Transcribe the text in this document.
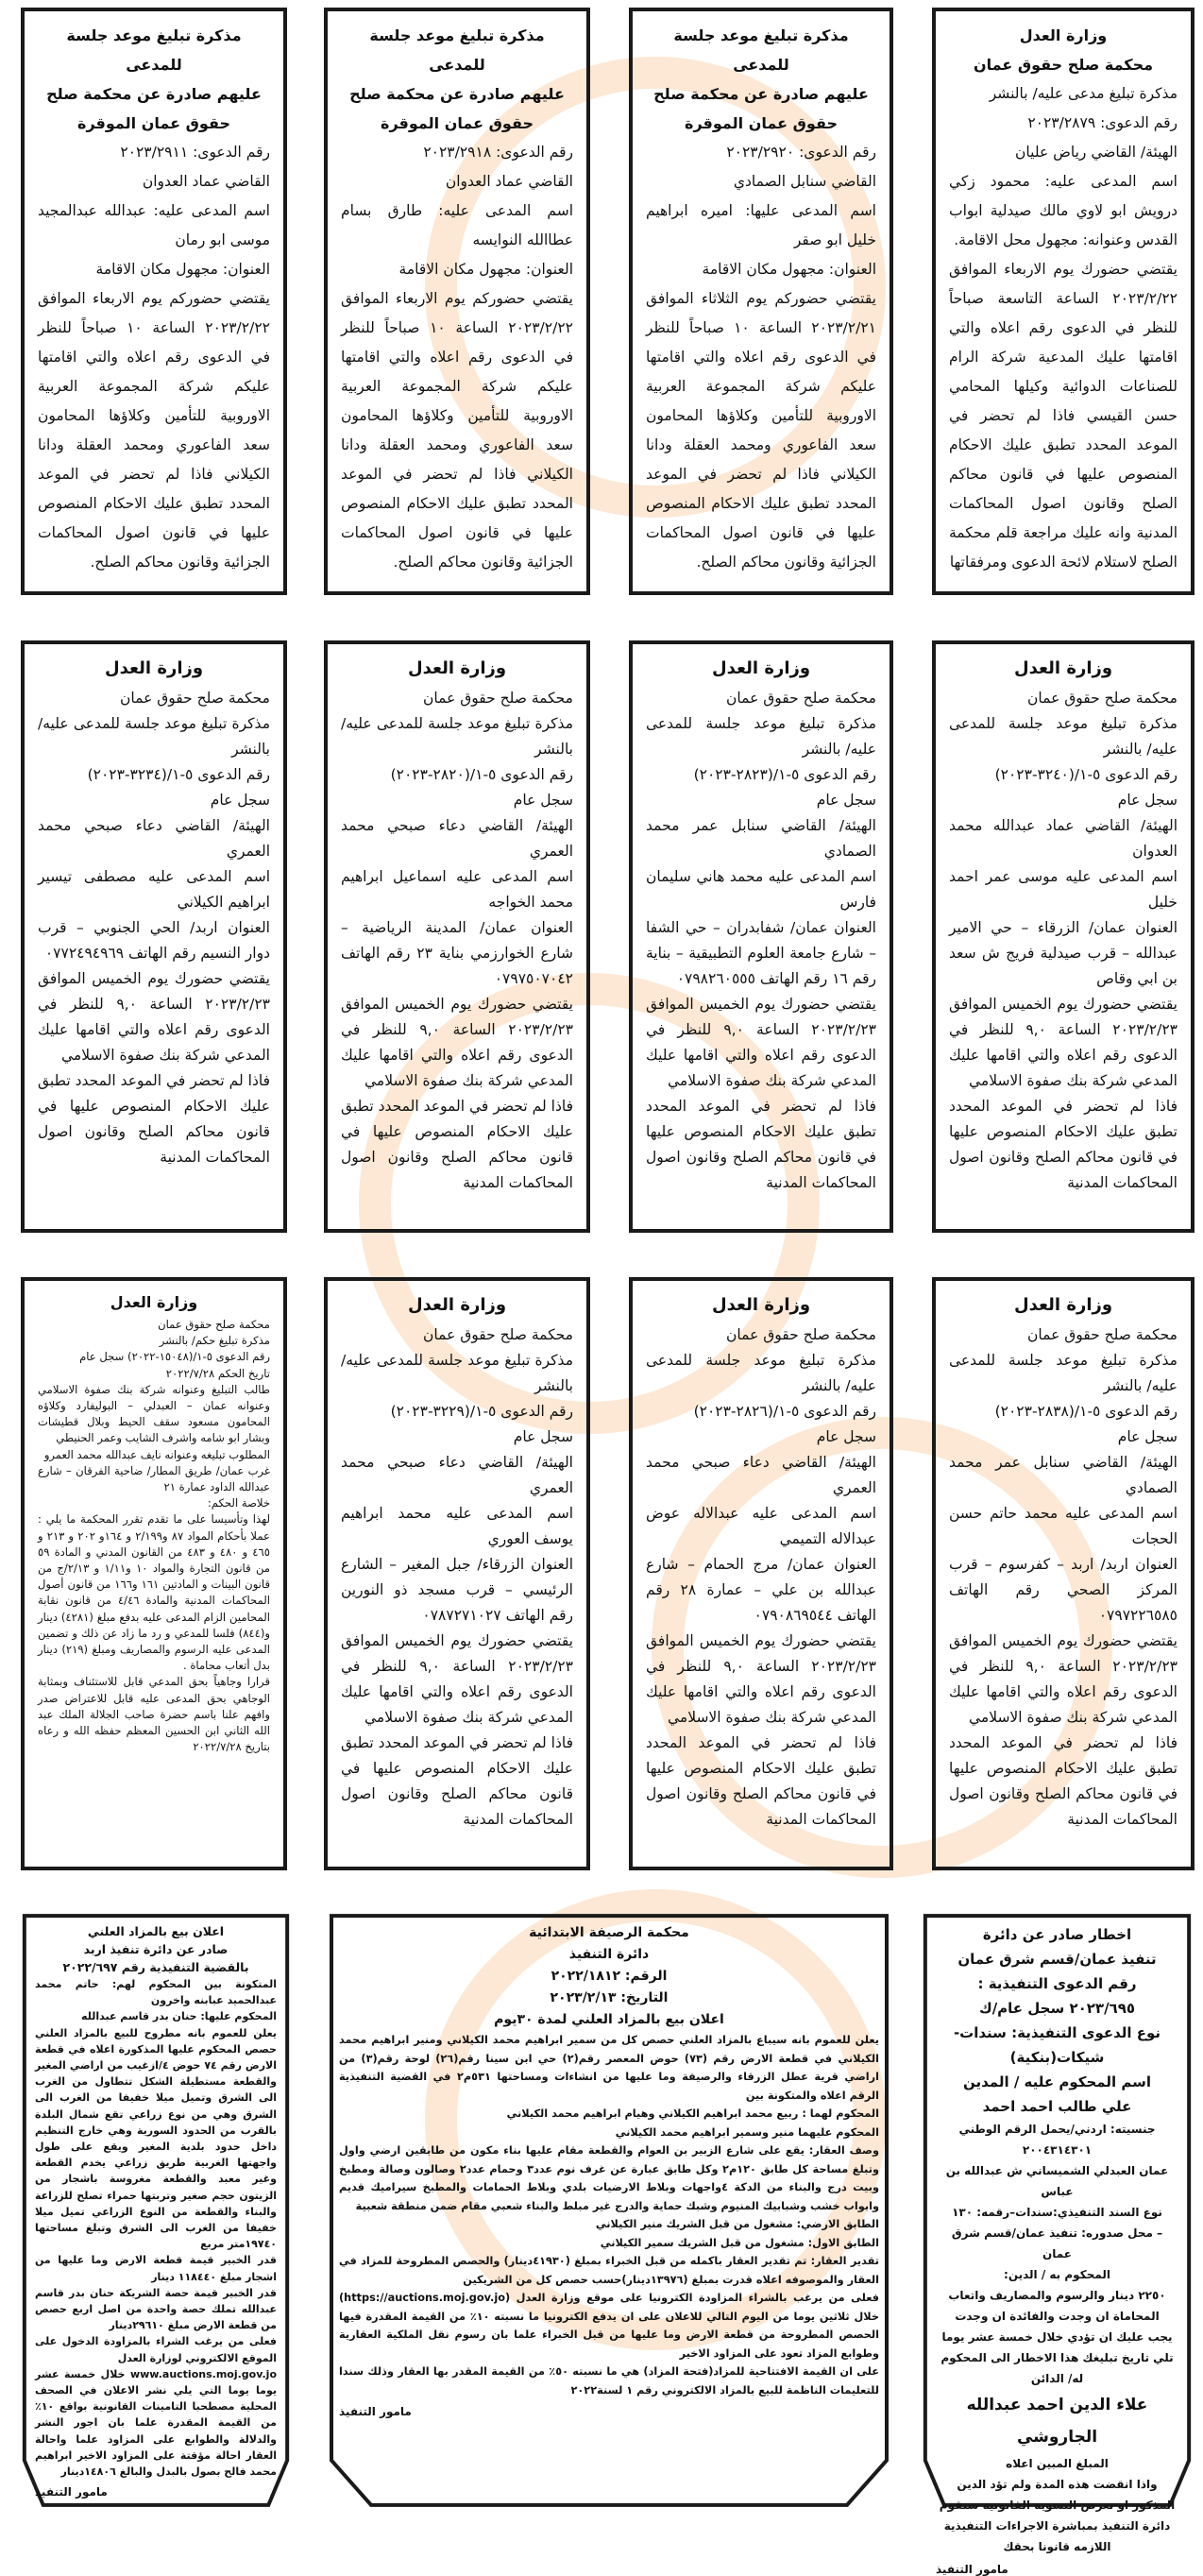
وزارة العدل
محكمة صلح حقوق عمان
مذكرة تبليغ مدعى عليه/ بالنشر
رقم الدعوى: ٢٠٢٣/٢٨٧٩
الهيئة/ القاضي رياض عليان
اسم المدعى عليه: محمود زكي درويش ابو لاوي مالك صيدلية ابواب القدس وعنوانه: مجهول محل الاقامة.
يقتضي حضورك يوم الاربعاء الموافق ٢٠٢٣/٢/٢٢ الساعة التاسعة صباحاً للنظر في الدعوى رقم اعلاه والتي اقامتها عليك المدعية شركة الرام للصناعات الدوائية وكيلها المحامي حسن القيسي فاذا لم تحضر في الموعد المحدد تطبق عليك الاحكام المنصوص عليها في قانون محاكم الصلح وقانون اصول المحاكمات المدنية وانه عليك مراجعة قلم محكمة الصلح لاستلام لائحة الدعوى ومرفقاتها
مذكرة تبليغ موعد جلسة للمدعى
عليهم صادرة عن محكمة صلح
حقوق عمان الموقرة
رقم الدعوى: ٢٠٢٣/٢٩٢٠
القاضي سنابل الصمادي
اسم المدعى عليها: اميره ابراهيم خليل ابو صقر
العنوان: مجهول مكان الاقامة
يقتضي حضوركم يوم الثلاثاء الموافق ٢٠٢٣/٢/٢١ الساعة ١٠ صباحاً للنظر في الدعوى رقم اعلاه والتي اقامتها عليكم شركة المجموعة العربية الاوروبية للتأمين وكلاؤها المحامون سعد الفاعوري ومحمد العقلة ودانا الكيلاني فاذا لم تحضر في الموعد المحدد تطبق عليك الاحكام المنصوص عليها في قانون اصول المحاكمات الجزائية وقانون محاكم الصلح.
مذكرة تبليغ موعد جلسة للمدعى
عليهم صادرة عن محكمة صلح
حقوق عمان الموقرة
رقم الدعوى: ٢٠٢٣/٢٩١٨
القاضي عماد العدوان
اسم المدعى عليه: طارق بسام عطاالله النوايسه
العنوان: مجهول مكان الاقامة
يقتضي حضوركم يوم الاربعاء الموافق ٢٠٢٣/٢/٢٢ الساعة ١٠ صباحاً للنظر في الدعوى رقم اعلاه والتي اقامتها عليكم شركة المجموعة العربية الاوروبية للتأمين وكلاؤها المحامون سعد الفاعوري ومحمد العقلة ودانا الكيلاني فاذا لم تحضر في الموعد المحدد تطبق عليك الاحكام المنصوص عليها في قانون اصول المحاكمات الجزائية وقانون محاكم الصلح.
مذكرة تبليغ موعد جلسة للمدعى
عليهم صادرة عن محكمة صلح
حقوق عمان الموقرة
رقم الدعوى: ٢٠٢٣/٢٩١١
القاضي عماد العدوان
اسم المدعى عليه: عبدالله عبدالمجيد موسى ابو رمان
العنوان: مجهول مكان الاقامة
يقتضي حضوركم يوم الاربعاء الموافق ٢٠٢٣/٢/٢٢ الساعة ١٠ صباحاً للنظر في الدعوى رقم اعلاه والتي اقامتها عليكم شركة المجموعة العربية الاوروبية للتأمين وكلاؤها المحامون سعد الفاعوري ومحمد العقلة ودانا الكيلاني فاذا لم تحضر في الموعد المحدد تطبق عليك الاحكام المنصوص عليها في قانون اصول المحاكمات الجزائية وقانون محاكم الصلح.
وزارة العدل
محكمة صلح حقوق عمان
مذكرة تبليغ موعد جلسة للمدعى عليه/ بالنشر
رقم الدعوى ٥-١/(٣٢٤٠-٢٠٢٣)
سجل عام
الهيئة/ القاضي عماد عبدالله محمد العدوان
اسم المدعى عليه موسى عمر احمد خليل
العنوان عمان/ الزرقاء – حي الامير عبدالله – قرب صيدلية فريج ش سعد بن ابي وقاص
يقتضي حضورك يوم الخميس الموافق ٢٠٢٣/٢/٢٣ الساعة ٩,٠ للنظر في الدعوى رقم اعلاه والتي اقامها عليك المدعي شركة بنك صفوة الاسلامي
فاذا لم تحضر في الموعد المحدد تطبق عليك الاحكام المنصوص عليها في قانون محاكم الصلح وقانون اصول المحاكمات المدنية
وزارة العدل
محكمة صلح حقوق عمان
مذكرة تبليغ موعد جلسة للمدعى عليه/ بالنشر
رقم الدعوى ٥-١/(٢٨٢٣-٢٠٢٣)
سجل عام
الهيئة/ القاضي سنابل عمر محمد الصمادي
اسم المدعى عليه محمد هاني سليمان فارس
العنوان عمان/ شفابدران – حي الشفا – شارع جامعة العلوم التطبيقية – بناية رقم ١٦ رقم الهاتف ٠٧٩٨٢٦٠٥٥٥
يقتضي حضورك يوم الخميس الموافق ٢٠٢٣/٢/٢٣ الساعة ٩,٠ للنظر في الدعوى رقم اعلاه والتي اقامها عليك المدعي شركة بنك صفوة الاسلامي
فاذا لم تحضر في الموعد المحدد تطبق عليك الاحكام المنصوص عليها في قانون محاكم الصلح وقانون اصول المحاكمات المدنية
وزارة العدل
محكمة صلح حقوق عمان
مذكرة تبليغ موعد جلسة للمدعى عليه/ بالنشر
رقم الدعوى ٥-١/(٢٨٢٠-٢٠٢٣)
سجل عام
الهيئة/ القاضي دعاء صبحي محمد العمري
اسم المدعى عليه اسماعيل ابراهيم محمد الخواجه
العنوان عمان/ المدينة الرياضية – شارع الخوارزمي بناية ٢٣ رقم الهاتف ٠٧٩٧٥٠٧٠٤٢
يقتضي حضورك يوم الخميس الموافق ٢٠٢٣/٢/٢٣ الساعة ٩,٠ للنظر في الدعوى رقم اعلاه والتي اقامها عليك المدعي شركة بنك صفوة الاسلامي
فاذا لم تحضر في الموعد المحدد تطبق عليك الاحكام المنصوص عليها في قانون محاكم الصلح وقانون اصول المحاكمات المدنية
وزارة العدل
محكمة صلح حقوق عمان
مذكرة تبليغ موعد جلسة للمدعى عليه/ بالنشر
رقم الدعوى ٥-١/(٣٢٣٤-٢٠٢٣)
سجل عام
الهيئة/ القاضي دعاء صبحي محمد العمري
اسم المدعى عليه مصطفى تيسير ابراهيم الكيلاني
العنوان اربد/ الحي الجنوبي – قرب دوار النسيم رقم الهاتف ٠٧٧٢٤٩٤٩٦٩
يقتضي حضورك يوم الخميس الموافق ٢٠٢٣/٢/٢٣ الساعة ٩,٠ للنظر في الدعوى رقم اعلاه والتي اقامها عليك المدعي شركة بنك صفوة الاسلامي
فاذا لم تحضر في الموعد المحدد تطبق عليك الاحكام المنصوص عليها في قانون محاكم الصلح وقانون اصول المحاكمات المدنية
وزارة العدل
محكمة صلح حقوق عمان
مذكرة تبليغ موعد جلسة للمدعى عليه/ بالنشر
رقم الدعوى ٥-١/(٢٨٣٨-٢٠٢٣)
سجل عام
الهيئة/ القاضي سنابل عمر محمد الصمادي
اسم المدعى عليه محمد حاتم حسن الحجات
العنوان اربد/ اربد – كفرسوم – قرب المركز الصحي رقم الهاتف ٠٧٩٧٢٢٦٥٨٥
يقتضي حضورك يوم الخميس الموافق ٢٠٢٣/٢/٢٣ الساعة ٩,٠ للنظر في الدعوى رقم اعلاه والتي اقامها عليك المدعي شركة بنك صفوة الاسلامي
فاذا لم تحضر في الموعد المحدد تطبق عليك الاحكام المنصوص عليها في قانون محاكم الصلح وقانون اصول المحاكمات المدنية
وزارة العدل
محكمة صلح حقوق عمان
مذكرة تبليغ موعد جلسة للمدعى عليه/ بالنشر
رقم الدعوى ٥-١/(٢٨٢٦-٢٠٢٣)
سجل عام
الهيئة/ القاضي دعاء صبحي محمد العمري
اسم المدعى عليه عبدالاله عوض عبدالاله التميمي
العنوان عمان/ مرج الحمام – شارع عبدالله بن علي – عمارة ٢٨ رقم الهاتف ٠٧٩٠٨٦٩٥٤٤
يقتضي حضورك يوم الخميس الموافق ٢٠٢٣/٢/٢٣ الساعة ٩,٠ للنظر في الدعوى رقم اعلاه والتي اقامها عليك المدعي شركة بنك صفوة الاسلامي
فاذا لم تحضر في الموعد المحدد تطبق عليك الاحكام المنصوص عليها في قانون محاكم الصلح وقانون اصول المحاكمات المدنية
وزارة العدل
محكمة صلح حقوق عمان
مذكرة تبليغ موعد جلسة للمدعى عليه/ بالنشر
رقم الدعوى ٥-١/(٣٢٢٩-٢٠٢٣)
سجل عام
الهيئة/ القاضي دعاء صبحي محمد العمري
اسم المدعى عليه محمد ابراهيم يوسف العوري
العنوان الزرقاء/ جبل المغير – الشارع الرئيسي – قرب مسجد ذو النورين رقم الهاتف ٠٧٨٧٢٧١٠٢٧
يقتضي حضورك يوم الخميس الموافق ٢٠٢٣/٢/٢٣ الساعة ٩,٠ للنظر في الدعوى رقم اعلاه والتي اقامها عليك المدعي شركة بنك صفوة الاسلامي
فاذا لم تحضر في الموعد المحدد تطبق عليك الاحكام المنصوص عليها في قانون محاكم الصلح وقانون اصول المحاكمات المدنية
وزارة العدل
محكمة صلح حقوق عمان
مذكرة تبليغ حكم/ بالنشر
رقم الدعوى ٥-١/(١٥٠٤٨-٢٠٢٢) سجل عام
تاريخ الحكم ٢٠٢٢/٧/٢٨
طالب التبليغ وعنوانه شركة بنك صفوة الاسلامي وعنوانه عمان – العبدلي – البوليفارد وكلاؤه المحامون مسعود سقف الحيط وبلال قطيشات وبشار ابو شامه واشرف الشايب وعمر الحنيطي
المطلوب تبليغه وعنوانه نايف عبدالله محمد العمرو
غرب عمان/ طريق المطار/ ضاحية الفرقان – شارع عبدالله الداود عمارة ٢١
خلاصة الحكم:
لهذا وتأسيسا على ما تقدم تقرر المحكمة ما يلي : عملا بأحكام المواد ٨٧ و٢/١٩٩ و ١٦٤و ٢٠٢ و ٢١٣ و ٤٦٥ و ٤٨٠ و ٤٨٣ من القانون المدني و المادة ٥٩ من قانون التجارة والمواد ١٠ و١/١١ و ٢/١٣/ج من قانون البينات و المادتين ١٦١ و١٦٦ من قانون أصول المحاكمات المدنية والمادة ٤/٤٦ من قانون نقابة المحامين الزام المدعى عليه بدفع مبلغ (٤٢٨١) دينار و(٨٤٤) فلسا للمدعي و رد ما زاد عن ذلك و تضمين المدعى عليه الرسوم والمصاريف ومبلغ (٢١٩) دينار بدل أتعاب محاماة .
قرارا وجاهياً بحق المدعي قابل للاستئناف وبمثابة الوجاهي بحق المدعى عليه قابل للاعتراض صدر وافهم علنا باسم حضرة صاحب الجلالة الملك عبد الله الثاني ابن الحسين المعظم حفظه الله و رعاه بتاريخ ٢٠٢٢/٧/٢٨
اخطار صادر عن دائرة
تنفيذ عمان/قسم شرق عمان
رقم الدعوى التنفيذية :
٢٠٢٣/٦٩٥ سجل عام/ك
نوع الدعوى التنفيذية: سندات-شيكات(بنكية)
اسم المحكوم عليه / المدين
علي طالب احمد احمد
جنسيته: اردني/يحمل الرقم الوطني ٢٠٠٤٣١٤٣٠١
عمان العبدلي الشميساني ش عبدالله بن عباس
نوع السند التنفيذي:سندات–رقمه: ١٣٠
– محل صدوره: تنفيذ عمان/قسم شرق عمان
المحكوم به / الدين:
٢٢٥٠ دينار والرسوم والمصاريف واتعاب المحاماة ان وجدت والفائدة ان وجدت
يجب عليك ان تؤدي خلال خمسة عشر يوما تلي تاريخ تبليغك هذا الاخطار الى المحكوم له/ الدائن
علاء الدين احمد عبدالله الجاروشي
المبلغ المبين اعلاه
واذا انقضت هذه المدة ولم تؤد الدين المذكور او تعرض التسويه القانونية ستقوم دائرة التنفيذ بمباشرة الاجراءات التنفيذية اللازمه قانونا بحقك
مامور التنفيذ
محكمة الرصيفة الابتدائية
دائرة التنفيذ
الرقم: ٢٠٢٢/١٨١٢
التاريخ: ٢٠٢٣/٢/١٣
اعلان بيع بالمزاد العلني لمدة ٣٠يوم
يعلن للعموم بانه سيباع بالمزاد العلني حصص كل من سمير ابراهيم محمد الكيلاني ومنير ابراهيم محمد الكيلاني في قطعة الارض رقم (٧٣) حوض المعصر رقم(٢) حي ابن سينا رقم(٢٦) لوحة رقم(٣) من اراضي قرية عطل الزرقاء والرصيفة وما عليها من انشاءات ومساحتها ٥٣١م٢ في القضية التنفيذية الرقم اعلاه والمتكونة بين
المحكوم لهما : ربيع محمد ابراهيم الكيلاني وهيام ابراهيم محمد الكيلاني
المحكوم عليهما منير وسمير ابراهيم محمد الكيلاني
وصف العقار: يقع على شارع الزبير بن العوام والقطعة مقام عليها بناء مكون من طابقين ارضي واول وتبلغ مساحة كل طابق ١٢٠م٢ وكل طابق عبارة عن غرف نوم عدد٣ وحمام عدد٢ وصالون وصالة ومطبخ وبيت درج والبناء من الدكة ٤واجهات وبلاط الارضيات بلدي وبلاط الحمامات والمطبخ سيراميك قديم وابواب خشب وشبابيك المنيوم وشبك حماية والدرج غير مبلط والبناء شعبي مقام ضمن منطقة شعبية
الطابق الارضي: مشغول من قبل الشريك منير الكيلاني
الطابق الاول: مشغول من قبل الشريك سمير الكيلاني
تقدير العقار: تم تقدير العقار باكمله من قبل الخبراء بمبلغ (٤١٩٣٠دينار) والحصص المطروحة للمزاد في العقار والموصوفه اعلاه قدرت بمبلغ (١٣٩٧٦دينار)حسب حصص كل من الشريكين
فعلى من يرغب بالشراء المزاودة الكترونيا على موقع وزارة العدل (https://auctions.moj.gov.jo) خلال ثلاثين يوما من اليوم التالي للاعلان على ان يدفع الكترونيا ما نسبته ١٠٪ من القيمة المقدرة فيها الحصص المطروحة من قطعة الارض وما عليها من قبل الخبراء علما بان رسوم نقل الملكية العقارية وطوابع المزاد تعود على المزاود الاخير
على ان القيمة الافتتاحية للمزاد(فتحة المزاد) هي ما نسبته ٥٠٪ من القيمة المقدر بها العقار وذلك سندا للتعليمات الناظمة للبيع بالمزاد الالكتروني رقم ١ لسنة٢٠٢٢
مامور التنفيذ
اعلان بيع بالمزاد العلني
صادر عن دائرة تنفيذ اربد
بالقضية التنفيذية رقم ٢٠٢٢/٦٩٧
المتكونة بين المحكوم لهم: حاتم محمد عبدالحميد عبابنه واخرون
المحكوم عليها: حنان بدر قاسم عبدالله
يعلن للعموم بانه مطروح للبيع بالمزاد العلني حصص المحكوم عليها المذكورة اعلاه في قطعة الارض رقم ٧٤ حوض ٤/ازغيب من اراضي المغير والقطعة مستطيلة الشكل تتطاول من الغرب الى الشرق وتميل ميلا خفيفا من الغرب الى الشرق وهي من نوع زراعي تقع شمال البلدة بالقرب من الحدود السورية وهي خارج التنظيم داخل حدود بلدية المغير ويقع على طول واجهتها الغربية طريق زراعي يخدم القطعة وغير معبد والقطعة مغروسة باشجار من الزيتون حجم صغير وتربتها حمراء تصلح للزراعة والبناء والقطعة من النوع الزراعي تميل ميلا خفيفا من الغرب الى الشرق وتبلغ مساحتها ١٩٧٤٠متر مربع
قدر الخبير قيمة قطعة الارض وما عليها من اشجار مبلغ ١١٨٤٤٠ دينار
قدر الخبير قيمة حصة الشريكة حنان بدر قاسم عبدالله تملك حصة واحدة من اصل اربع حصص من قطعة الارض مبلغ ٢٩٦١٠دينار
فعلى من يرغب الشراء بالمزاودة الدخول على الموقع الالكتروني لوزارة العدل
www.auctions.moj.gov.jo خلال خمسة عشر يوما يوما التي يلي نشر الاعلان في الصحف المحلية مصطحبا التامينات القانونية بواقع ١٠٪ من القيمة المقدرة علما بان اجور النشر والدلالة والطوابع على المزاود علما واحالة العقار احالة مؤقتة على المزاود الاخير ابراهيم محمد فالح بصول بالبدل والبالغ ١٤٨٠٦دينار
مامور التنفيذ
